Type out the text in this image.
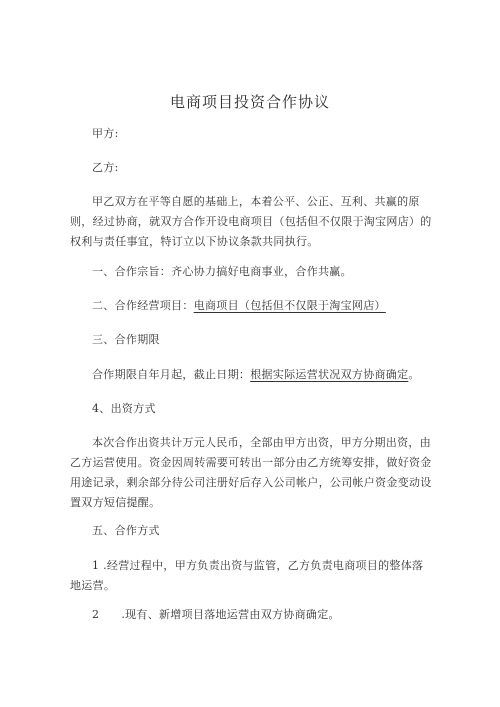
电商项目投资合作协议

甲方:

乙方:

甲乙双方在平等自愿的基础上，本着公平、公正、互利、共赢的原则，经过协商，就双方合作开设电商项目（包括但不仅限于淘宝网店）的权利与责任事宜，特订立以下协议条款共同执行。

一、合作宗旨：齐心协力搞好电商事业，合作共赢。

二、合作经营项目：电商项目（包括但不仅限于淘宝网店）

三、合作期限

合作期限自年月起，截止日期：根据实际运营状况双方协商确定。

4、出资方式

本次合作出资共计万元人民币，全部由甲方出资，甲方分期出资，由乙方运营使用。资金因周转需要可转出一部分由乙方统筹安排，做好资金用途记录，剩余部分待公司注册好后存入公司帐户，公司帐户资金变动设置双方短信提醒。

五、合作方式

1 .经营过程中，甲方负责出资与监管，乙方负责电商项目的整体落地运营。

2 .现有、新增项目落地运营由双方协商确定。
